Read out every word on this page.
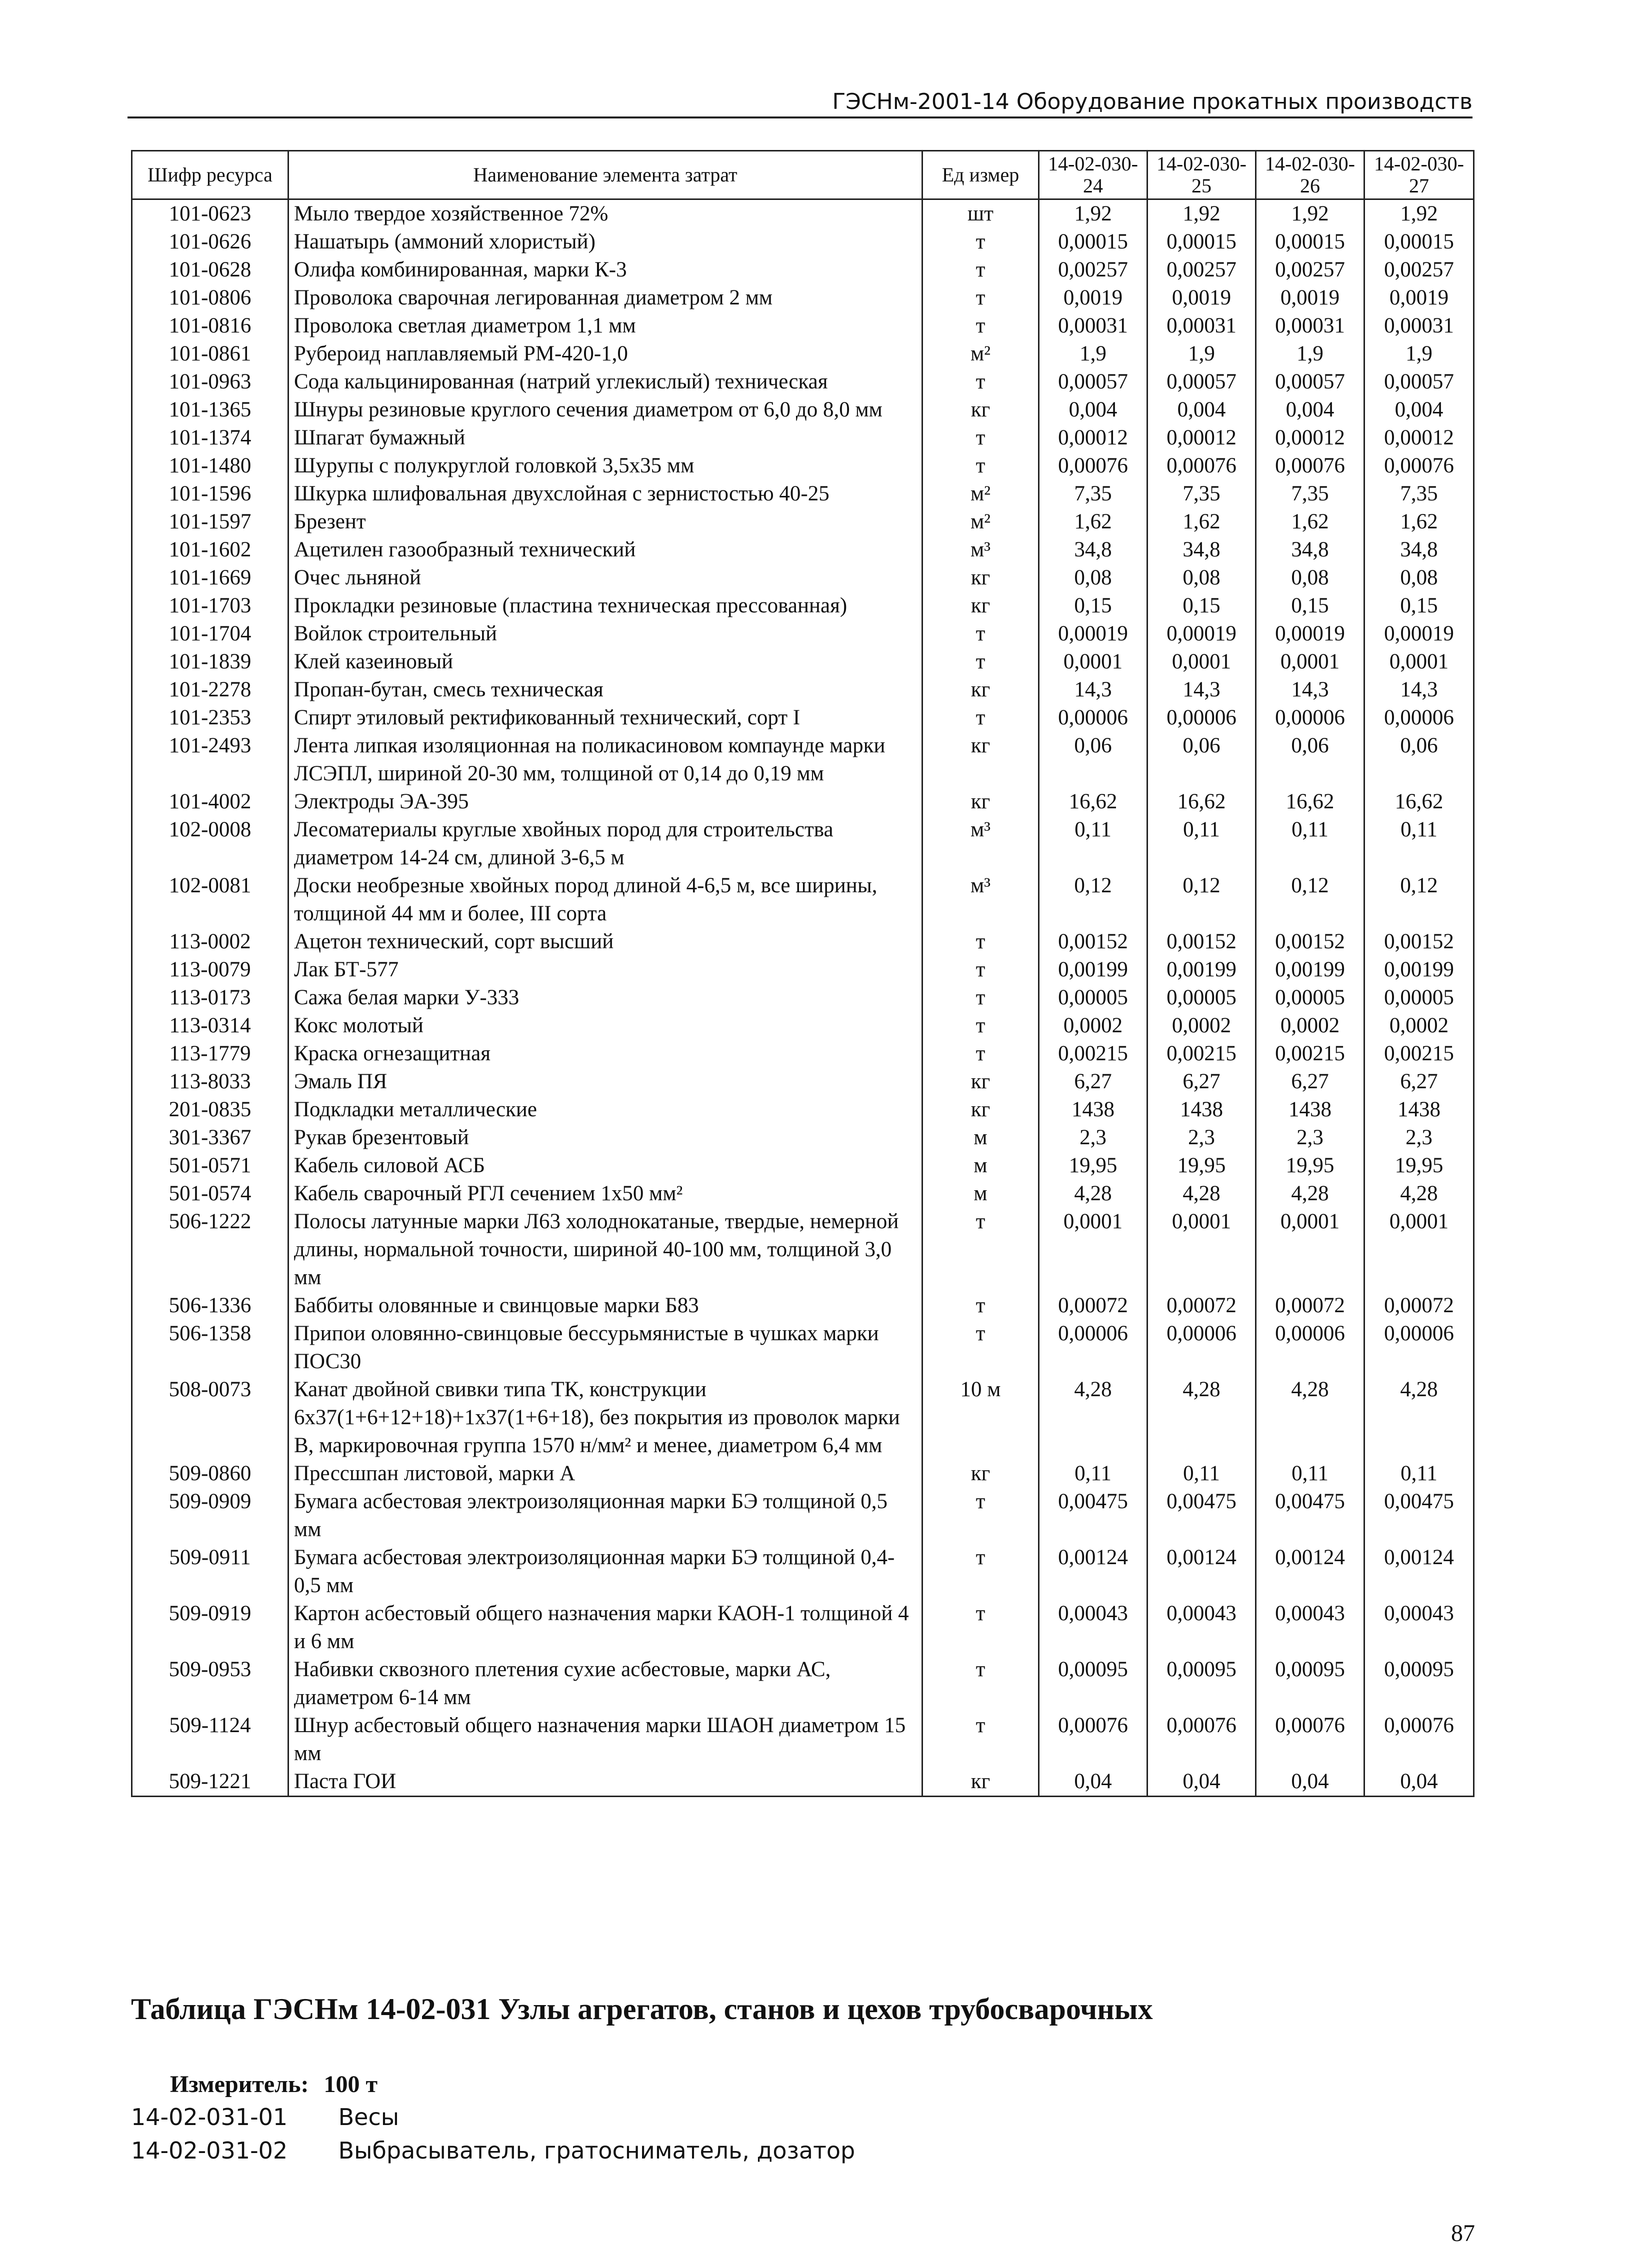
ГЭСНм-2001-14 Оборудование прокатных производств
Шифр ресурса	Наименование элемента затрат	Ед измер	14-02-030-24	14-02-030-25	14-02-030-26	14-02-030-27
101-0623	Мыло твердое хозяйственное 72%	шт	1,92	1,92	1,92	1,92
101-0626	Нашатырь (аммоний хлористый)	т	0,00015	0,00015	0,00015	0,00015
101-0628	Олифа комбинированная, марки К-3	т	0,00257	0,00257	0,00257	0,00257
101-0806	Проволока сварочная легированная диаметром 2 мм	т	0,0019	0,0019	0,0019	0,0019
101-0816	Проволока светлая диаметром 1,1 мм	т	0,00031	0,00031	0,00031	0,00031
101-0861	Рубероид наплавляемый РМ-420-1,0	м²	1,9	1,9	1,9	1,9
101-0963	Сода кальцинированная (натрий углекислый) техническая	т	0,00057	0,00057	0,00057	0,00057
101-1365	Шнуры резиновые круглого сечения диаметром от 6,0 до 8,0 мм	кг	0,004	0,004	0,004	0,004
101-1374	Шпагат бумажный	т	0,00012	0,00012	0,00012	0,00012
101-1480	Шурупы с полукруглой головкой 3,5х35 мм	т	0,00076	0,00076	0,00076	0,00076
101-1596	Шкурка шлифовальная двухслойная с зернистостью 40-25	м²	7,35	7,35	7,35	7,35
101-1597	Брезент	м²	1,62	1,62	1,62	1,62
101-1602	Ацетилен газообразный технический	м³	34,8	34,8	34,8	34,8
101-1669	Очес льняной	кг	0,08	0,08	0,08	0,08
101-1703	Прокладки резиновые (пластина техническая прессованная)	кг	0,15	0,15	0,15	0,15
101-1704	Войлок строительный	т	0,00019	0,00019	0,00019	0,00019
101-1839	Клей казеиновый	т	0,0001	0,0001	0,0001	0,0001
101-2278	Пропан-бутан, смесь техническая	кг	14,3	14,3	14,3	14,3
101-2353	Спирт этиловый ректификованный технический, сорт I	т	0,00006	0,00006	0,00006	0,00006
101-2493	Лента липкая изоляционная на поликасиновом компаунде марки ЛСЭПЛ, шириной 20-30 мм, толщиной от 0,14 до 0,19 мм	кг	0,06	0,06	0,06	0,06
101-4002	Электроды ЭА-395	кг	16,62	16,62	16,62	16,62
102-0008	Лесоматериалы круглые хвойных пород для строительства диаметром 14-24 см, длиной 3-6,5 м	м³	0,11	0,11	0,11	0,11
102-0081	Доски необрезные хвойных пород длиной 4-6,5 м, все ширины, толщиной 44 мм и более, III сорта	м³	0,12	0,12	0,12	0,12
113-0002	Ацетон технический, сорт высший	т	0,00152	0,00152	0,00152	0,00152
113-0079	Лак БТ-577	т	0,00199	0,00199	0,00199	0,00199
113-0173	Сажа белая марки У-333	т	0,00005	0,00005	0,00005	0,00005
113-0314	Кокс молотый	т	0,0002	0,0002	0,0002	0,0002
113-1779	Краска огнезащитная	т	0,00215	0,00215	0,00215	0,00215
113-8033	Эмаль ПЯ	кг	6,27	6,27	6,27	6,27
201-0835	Подкладки металлические	кг	1438	1438	1438	1438
301-3367	Рукав брезентовый	м	2,3	2,3	2,3	2,3
501-0571	Кабель силовой АСБ	м	19,95	19,95	19,95	19,95
501-0574	Кабель сварочный РГЛ сечением 1х50 мм²	м	4,28	4,28	4,28	4,28
506-1222	Полосы латунные марки Л63 холоднокатаные, твердые, немерной длины, нормальной точности, шириной 40-100 мм, толщиной 3,0 мм	т	0,0001	0,0001	0,0001	0,0001
506-1336	Баббиты оловянные и свинцовые марки Б83	т	0,00072	0,00072	0,00072	0,00072
506-1358	Припои оловянно-свинцовые бессурьмянистые в чушках марки ПОС30	т	0,00006	0,00006	0,00006	0,00006
508-0073	Канат двойной свивки типа ТК, конструкции 6х37(1+6+12+18)+1х37(1+6+18), без покрытия из проволок марки В, маркировочная группа 1570 н/мм² и менее, диаметром 6,4 мм	10 м	4,28	4,28	4,28	4,28
509-0860	Прессшпан листовой, марки А	кг	0,11	0,11	0,11	0,11
509-0909	Бумага асбестовая электроизоляционная марки БЭ толщиной 0,5 мм	т	0,00475	0,00475	0,00475	0,00475
509-0911	Бумага асбестовая электроизоляционная марки БЭ толщиной 0,4-0,5 мм	т	0,00124	0,00124	0,00124	0,00124
509-0919	Картон асбестовый общего назначения марки КАОН-1 толщиной 4 и 6 мм	т	0,00043	0,00043	0,00043	0,00043
509-0953	Набивки сквозного плетения сухие асбестовые, марки АС, диаметром 6-14 мм	т	0,00095	0,00095	0,00095	0,00095
509-1124	Шнур асбестовый общего назначения марки ШАОН диаметром 15 мм	т	0,00076	0,00076	0,00076	0,00076
509-1221	Паста ГОИ	кг	0,04	0,04	0,04	0,04
Таблица ГЭСНм 14-02-031 Узлы агрегатов, станов и цехов трубосварочных
Измеритель: 100 т
14-02-031-01 Весы
14-02-031-02 Выбрасыватель, гратосниматель, дозатор
87
